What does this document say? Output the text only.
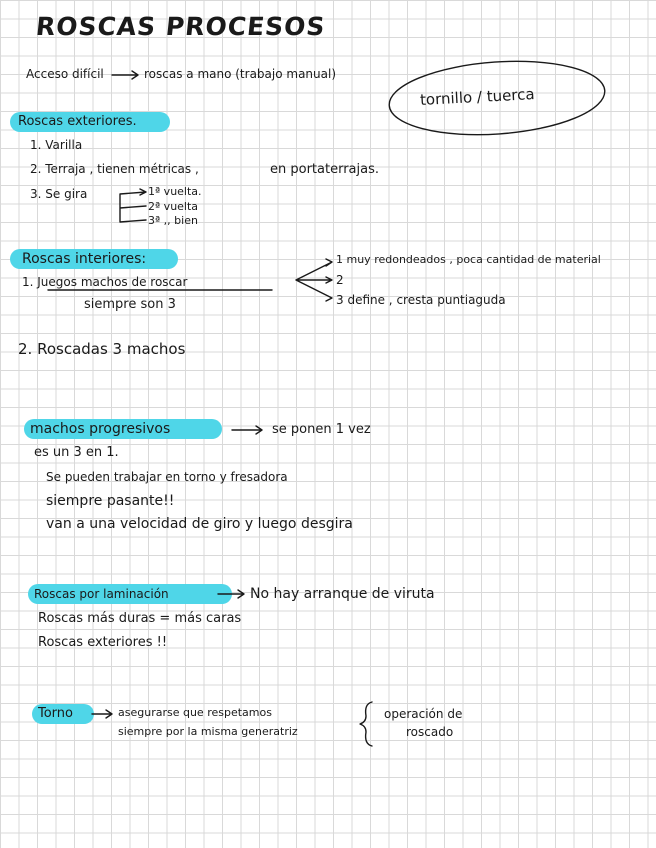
ROSCAS PROCESOS
Acceso difícil	roscas a mano (trabajo manual)
tornillo / tuerca
Roscas exteriores.
1. Varilla
2. Terraja , tienen métricas ,	en portaterrajas.
3. Se gira	1ª vuelta.
2ª vuelta
3ª ,, bien
Roscas interiores:
1. Juegos machos de roscar
siempre son 3
1 muy redondeados , poca cantidad de material
2
3 define , cresta puntiaguda
2. Roscadas 3 machos
machos progresivos	se ponen 1 vez
es un 3 en 1.
Se pueden trabajar en torno y fresadora
siempre pasante!!
van a una velocidad de giro y luego desgira
Roscas por laminación	No hay arranque de viruta
Roscas más duras = más caras
Roscas exteriores !!
Torno	asegurarse que respetamos
siempre por la misma generatriz
operación de
roscado
